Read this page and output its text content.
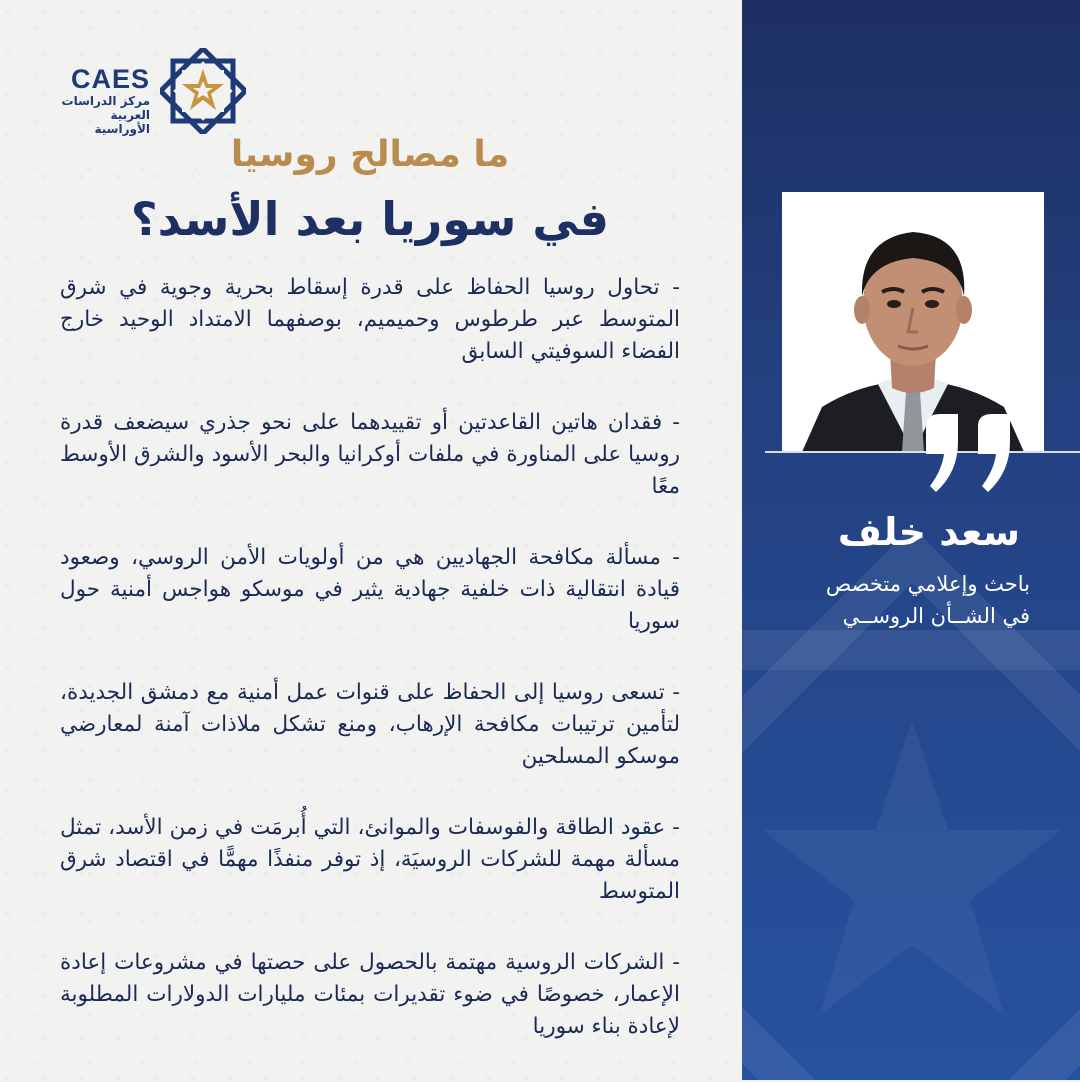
CAES
مركز الدراسات
العربية الأوراسية
ما مصالح روسيا
في سوريا بعد الأسد؟

- تحاول روسيا الحفاظ على قدرة إسقاط بحرية وجوية في شرق المتوسط عبر طرطوس وحميميم، بوصفهما الامتداد الوحيد خارج الفضاء السوفيتي السابق

- فقدان هاتين القاعدتين أو تقييدهما على نحو جذري سيضعف قدرة روسيا على المناورة في ملفات أوكرانيا والبحر الأسود والشرق الأوسط معًا

- مسألة مكافحة الجهاديين هي من أولويات الأمن الروسي، وصعود قيادة انتقالية ذات خلفية جهادية يثير في موسكو هواجس أمنية حول سوريا

- تسعى روسيا إلى الحفاظ على قنوات عمل أمنية مع دمشق الجديدة، لتأمين ترتيبات مكافحة الإرهاب، ومنع تشكل ملاذات آمنة لمعارضي موسكو المسلحين

- عقود الطاقة والفوسفات والموانئ، التي أُبرمَت في زمن الأسد، تمثل مسألة مهمة للشركات الروسيَة، إذ توفر منفذًا مهمًّا في اقتصاد شرق المتوسط

- الشركات الروسية مهتمة بالحصول على حصتها في مشروعات إعادة الإعمار، خصوصًا في ضوء تقديرات بمئات مليارات الدولارات المطلوبة لإعادة بناء سوريا

سعد خلف
باحث وإعلامي متخصص
في الشــأن الروســي
